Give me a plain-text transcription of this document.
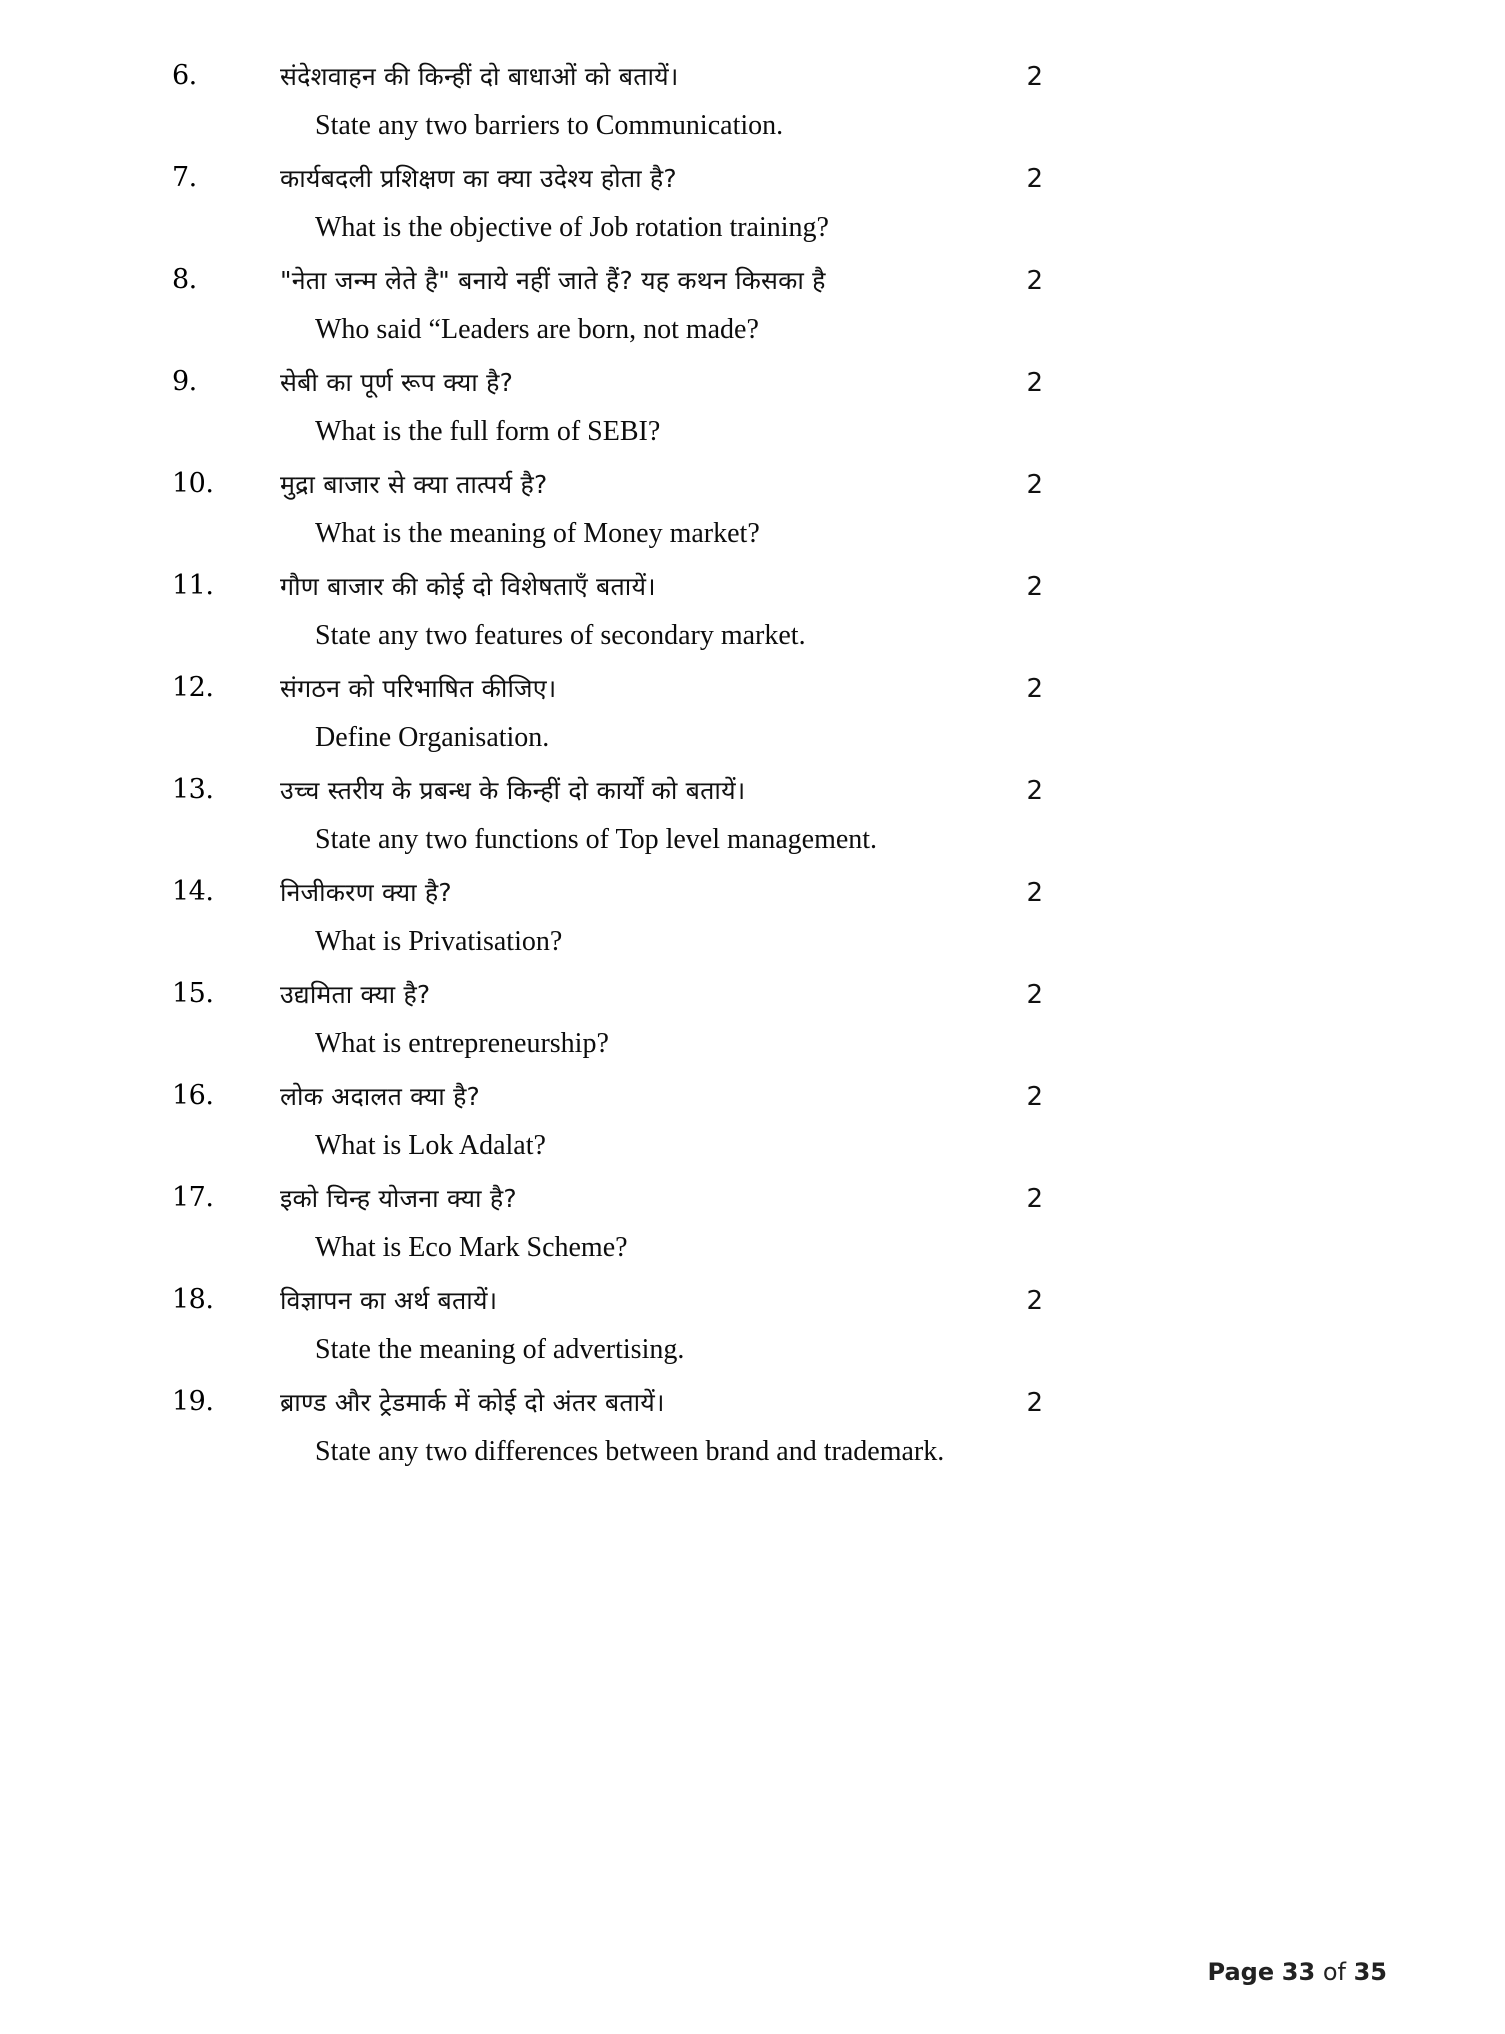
6.	संदेशवाहन की किन्हीं दो बाधाओं को बतायें।
State any two barriers to Communication.
2
7.	कार्यबदली प्रशिक्षण का क्या उदेश्य होता है?
What is the objective of Job rotation training?
2
8.	"नेता जन्म लेते है" बनाये नहीं जाते हैं? यह कथन किसका है
Who said “Leaders are born, not made?
2
9.	सेबी का पूर्ण रूप क्या है?
What is the full form of SEBI?
2
10.	मुद्रा बाजार से क्या तात्पर्य है?
What is the meaning of Money market?
2
11.	गौण बाजार की कोई दो विशेषताएँ बतायें।
State any two features of secondary market.
2
12.	संगठन को परिभाषित कीजिए।
Define Organisation.
2
13.	उच्च स्तरीय के प्रबन्ध के किन्हीं दो कार्यों को बतायें।
State any two functions of Top level management.
2
14.	निजीकरण क्या है?
What is Privatisation?
2
15.	उद्यमिता क्या है?
What is entrepreneurship?
2
16.	लोक अदालत क्या है?
What is Lok Adalat?
2
17.	इको चिन्ह योजना क्या है?
What is Eco Mark Scheme?
2
18.	विज्ञापन का अर्थ बतायें।
State the meaning of advertising.
2
19.	ब्राण्ड और ट्रेडमार्क में कोई दो अंतर बतायें।
State any two differences between brand and trademark.
2
Page 33 of 35
